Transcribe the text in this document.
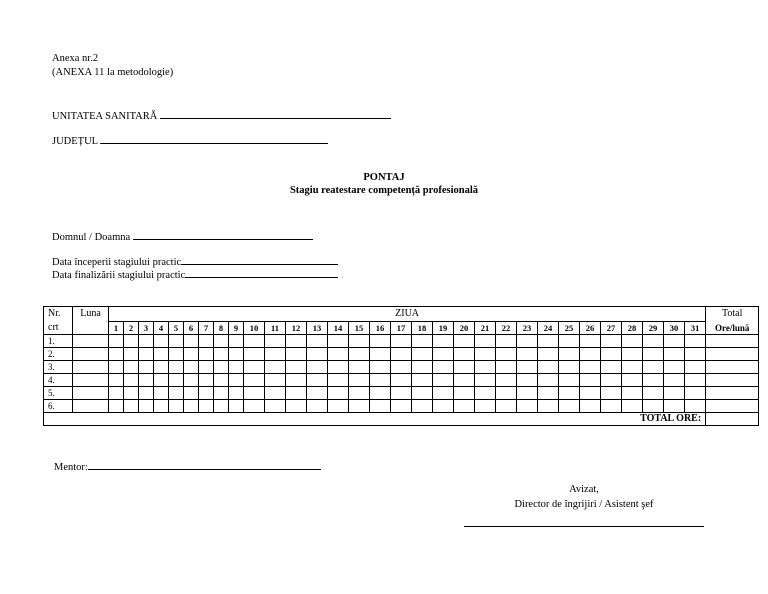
Anexa nr.2
(ANEXA 11 la metodologie)
UNITATEA SANITARĂ
JUDEȚUL
PONTAJ
Stagiu reatestare competență profesională
Domnul / Doamna
Data începerii stagiului practic
Data finalizării stagiului practic
Nr.	Luna	ZIUA																															Total
crt		1	2	3	4	5	6	7	8	9	10	11	12	13	14	15	16	17	18	19	20	21	22	23	24	25	26	27	28	29	30	31	Ore/lună
1.																																	
2.																																	
3.																																	
4.																																	
5.																																	
6.																																	
TOTAL ORE:																																	
Mentor:
Avizat,
Director de îngrijiri / Asistent şef
